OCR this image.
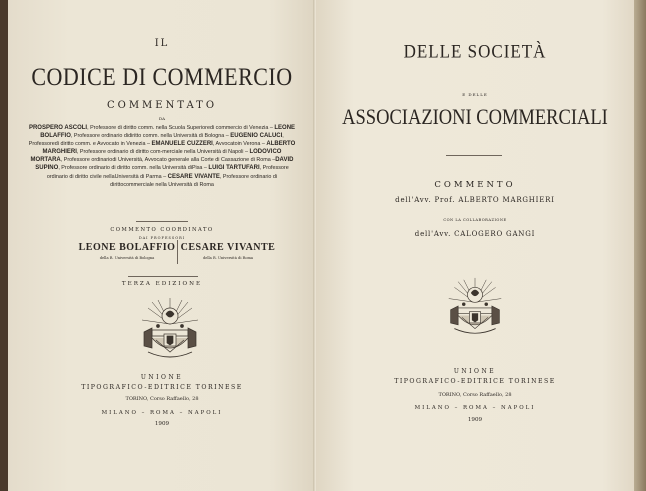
IL
CODICE DI COMMERCIO
COMMENTATO
DA
PROSPERO ASCOLI, Professore di diritto comm. nella Scuola Superioredi commercio di Venezia – LEONE BOLAFFIO, Professore ordinario didiritto comm. nella Università di Bologna – EUGENIO CALUCI, Professoredi diritto comm. e Avvocato in Venezia – EMANUELE CUZZERI, Avvocatoin Verona – ALBERTO MARGHIERI, Professore ordinario di diritto com-merciale nella Università di Napoli – LODOVICO MORTARA, Professore ordinariodi Università, Avvocato generale alla Corte di Cassazione di Roma –DAVID SUPINO, Professore ordinario di diritto comm. nella Università diPisa – LUIGI TARTUFARI, Professore ordinario di diritto civile nellaUniversità di Parma – CESARE VIVANTE, Professore ordinario di dirittocommerciale nella Università di Roma
COMMENTO COORDINATO
DAI PROFESSORI
LEONE BOLAFFIO CESARE VIVANTE
della R. Università di Bologna	della R. Università di Roma
TERZA EDIZIONE
UNIONE
TIPOGRAFICO-EDITRICE TORINESE
TORINO, Corso Raffaello, 28
MILANO – ROMA – NAPOLI
1909
DELLE SOCIETÀ
E DELLE
ASSOCIAZIONI COMMERCIALI
COMMENTO
dell'Avv. Prof. ALBERTO MARGHIERI
CON LA COLLABORAZIONE
dell'Avv. CALOGERO GANGI
UNIONE
TIPOGRAFICO-EDITRICE TORINESE
TORINO, Corso Raffaello, 28
MILANO – ROMA – NAPOLI
1909
